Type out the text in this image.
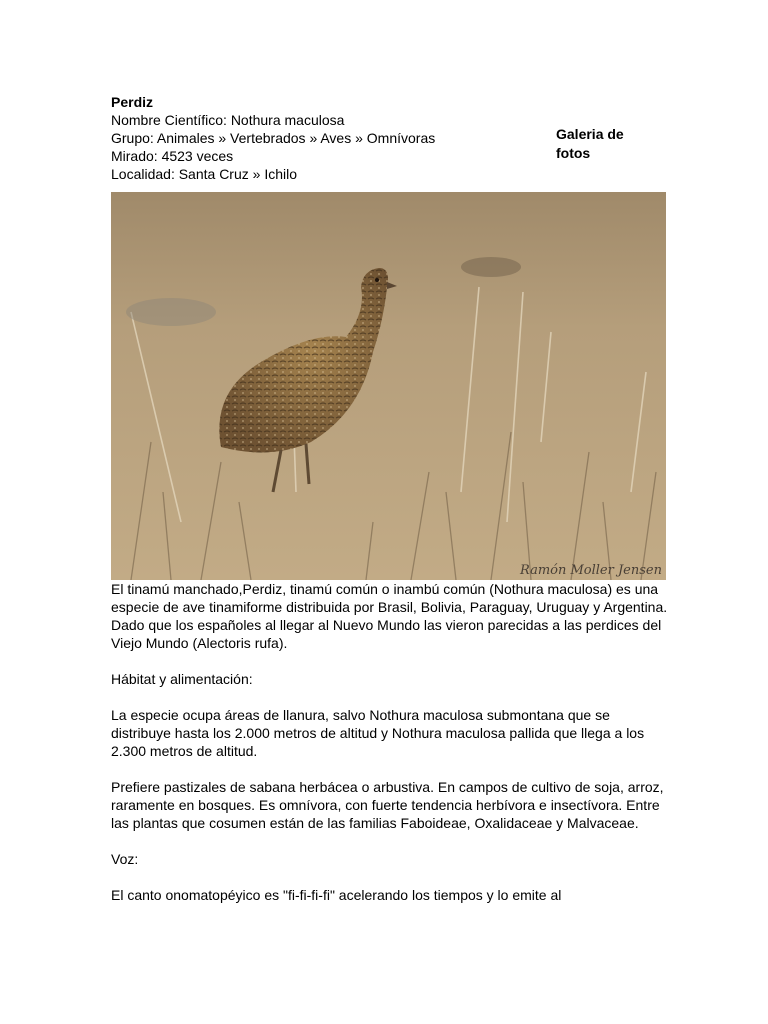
Perdiz
Nombre Científico: Nothura maculosa
Grupo: Animales » Vertebrados » Aves » Omnívoras
Mirado: 4523 veces
Localidad: Santa Cruz » Ichilo
Galeria de fotos
Ramón Moller Jensen

El tinamú manchado,Perdiz, tinamú común o inambú común (Nothura maculosa) es una especie de ave tinamiforme distribuida por Brasil, Bolivia, Paraguay, Uruguay y Argentina. Dado que los españoles al llegar al Nuevo Mundo las vieron parecidas a las perdices del Viejo Mundo (Alectoris rufa).

Hábitat y alimentación:

La especie ocupa áreas de llanura, salvo Nothura maculosa submontana que se distribuye hasta los 2.000 metros de altitud y Nothura maculosa pallida que llega a los 2.300 metros de altitud.

Prefiere pastizales de sabana herbácea o arbustiva. En campos de cultivo de soja, arroz, raramente en bosques. Es omnívora, con fuerte tendencia herbívora e insectívora. Entre las plantas que cosumen están de las familias Faboideae, Oxalidaceae y Malvaceae.

Voz:

El canto onomatopéyico es "fi-fi-fi-fi" acelerando los tiempos y lo emite al
